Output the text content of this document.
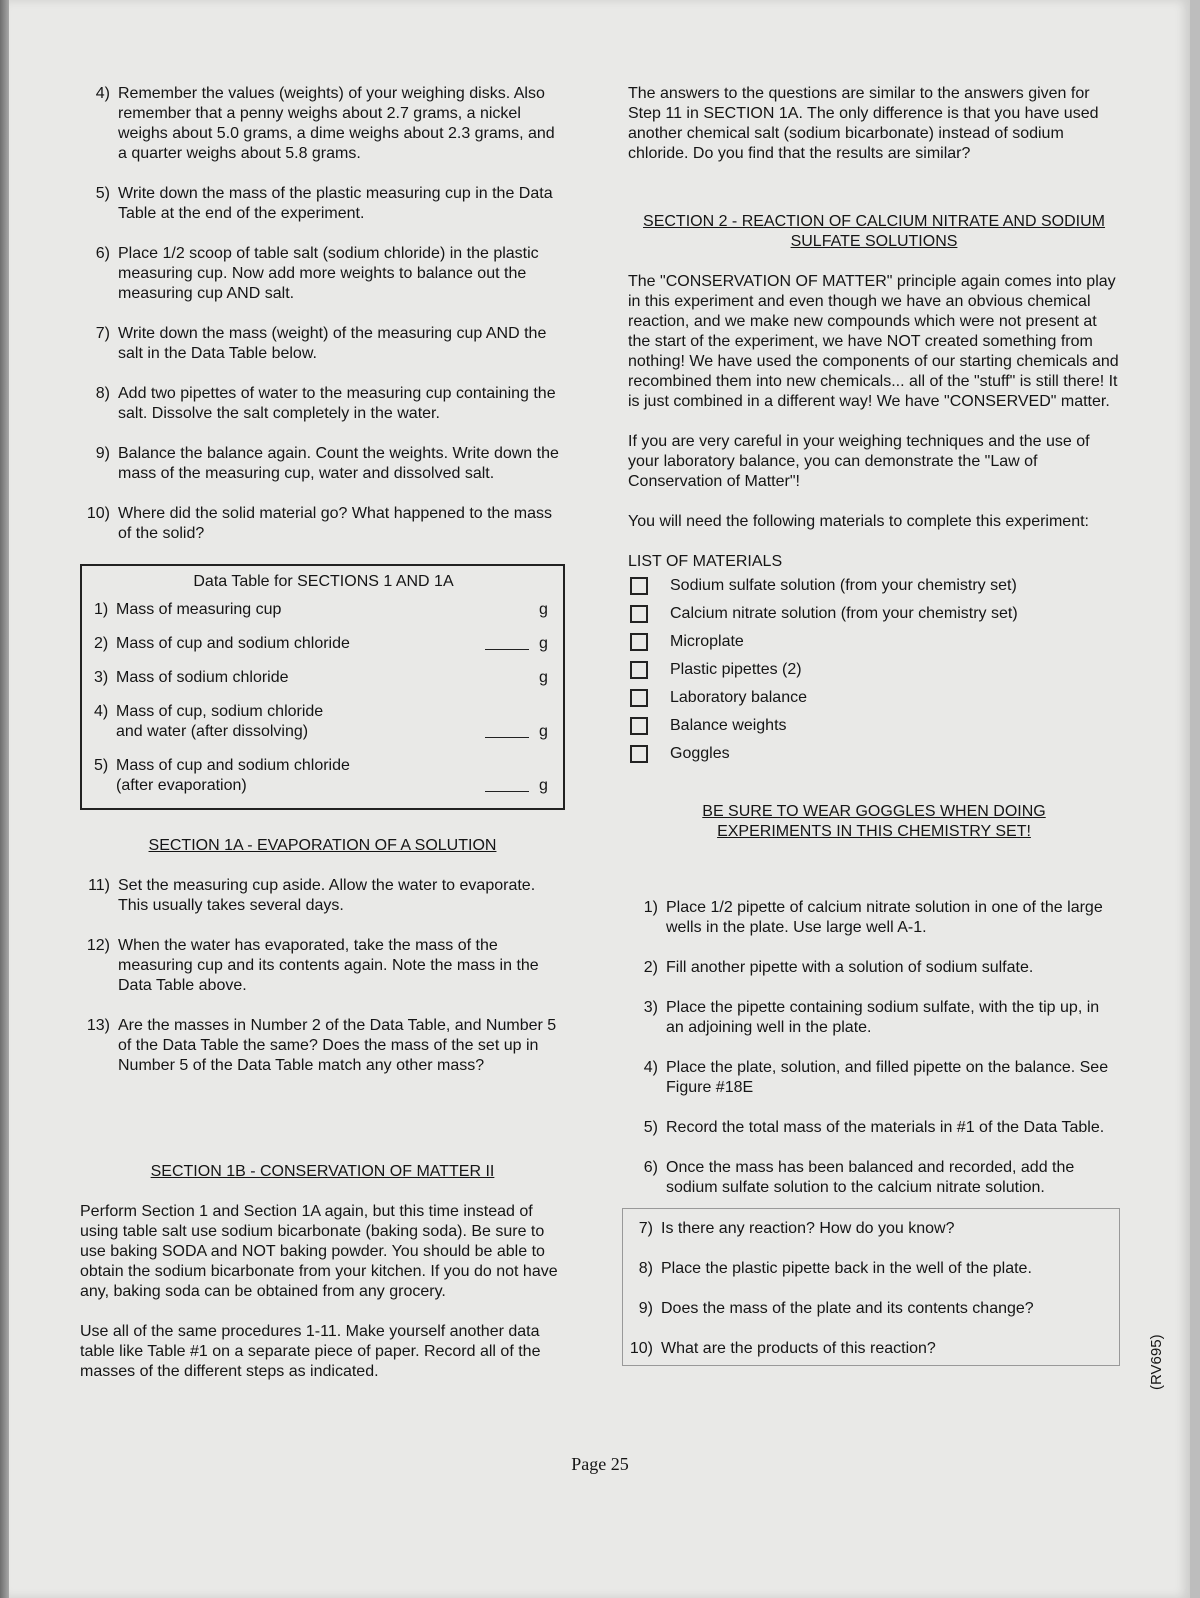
4) Remember the values (weights) of your weighing disks. Also remember that a penny weighs about 2.7 grams, a nickel weighs about 5.0 grams, a dime weighs about 2.3 grams, and a quarter weighs about 5.8 grams.
5) Write down the mass of the plastic measuring cup in the Data Table at the end of the experiment.
6) Place 1/2 scoop of table salt (sodium chloride) in the plastic measuring cup. Now add more weights to balance out the measuring cup AND salt.
7) Write down the mass (weight) of the measuring cup AND the salt in the Data Table below.
8) Add two pipettes of water to the measuring cup containing the salt. Dissolve the salt completely in the water.
9) Balance the balance again. Count the weights. Write down the mass of the measuring cup, water and dissolved salt.
10) Where did the solid material go? What happened to the mass of the solid?
Data Table for SECTIONS 1 AND 1A
1) Mass of measuring cup	g
2) Mass of cup and sodium chloride	g
3) Mass of sodium chloride	g
4) Mass of cup, sodium chloride and water (after dissolving)	g
5) Mass of cup and sodium chloride (after evaporation)	g
SECTION 1A - EVAPORATION OF A SOLUTION
11) Set the measuring cup aside. Allow the water to evaporate. This usually takes several days.
12) When the water has evaporated, take the mass of the measuring cup and its contents again. Note the mass in the Data Table above.
13) Are the masses in Number 2 of the Data Table, and Number 5 of the Data Table the same? Does the mass of the set up in Number 5 of the Data Table match any other mass?
SECTION 1B - CONSERVATION OF MATTER II
Perform Section 1 and Section 1A again, but this time instead of using table salt use sodium bicarbonate (baking soda). Be sure to use baking SODA and NOT baking powder. You should be able to obtain the sodium bicarbonate from your kitchen. If you do not have any, baking soda can be obtained from any grocery.
Use all of the same procedures 1-11. Make yourself another data table like Table #1 on a separate piece of paper. Record all of the masses of the different steps as indicated.
The answers to the questions are similar to the answers given for Step 11 in SECTION 1A. The only difference is that you have used another chemical salt (sodium bicarbonate) instead of sodium chloride. Do you find that the results are similar?
SECTION 2 - REACTION OF CALCIUM NITRATE AND SODIUM SULFATE SOLUTIONS
The "CONSERVATION OF MATTER" principle again comes into play in this experiment and even though we have an obvious chemical reaction, and we make new compounds which were not present at the start of the experiment, we have NOT created something from nothing! We have used the components of our starting chemicals and recombined them into new chemicals... all of the "stuff" is still there! It is just combined in a different way! We have "CONSERVED" matter.
If you are very careful in your weighing techniques and the use of your laboratory balance, you can demonstrate the "Law of Conservation of Matter"!
You will need the following materials to complete this experiment:
LIST OF MATERIALS
Sodium sulfate solution (from your chemistry set)
Calcium nitrate solution (from your chemistry set)
Microplate
Plastic pipettes (2)
Laboratory balance
Balance weights
Goggles
BE SURE TO WEAR GOGGLES WHEN DOING EXPERIMENTS IN THIS CHEMISTRY SET!
1) Place 1/2 pipette of calcium nitrate solution in one of the large wells in the plate. Use large well A-1.
2) Fill another pipette with a solution of sodium sulfate.
3) Place the pipette containing sodium sulfate, with the tip up, in an adjoining well in the plate.
4) Place the plate, solution, and filled pipette on the balance. See Figure #18E
5) Record the total mass of the materials in #1 of the Data Table.
6) Once the mass has been balanced and recorded, add the sodium sulfate solution to the calcium nitrate solution.
7) Is there any reaction? How do you know?
8) Place the plastic pipette back in the well of the plate.
9) Does the mass of the plate and its contents change?
10) What are the products of this reaction?
Page 25
(RV695)
